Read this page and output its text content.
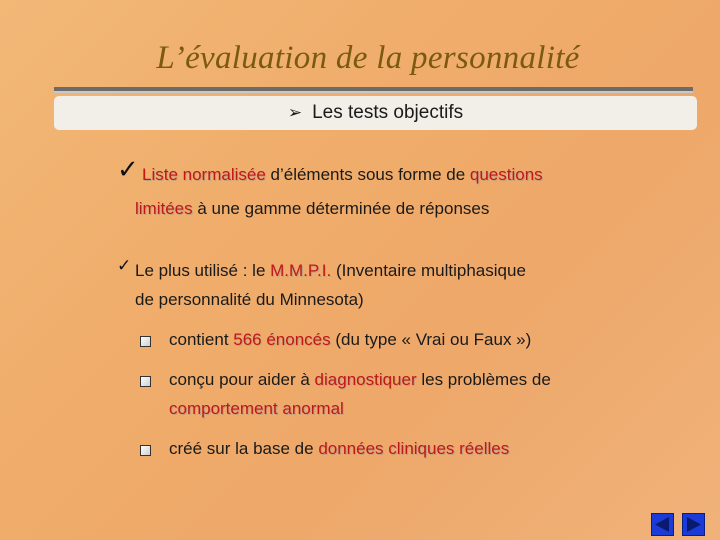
L’évaluation de la personnalité
➢ Les tests objectifs
✓ Liste normalisée d’éléments sous forme de questions
limitées à une gamme déterminée de réponses
✓ Le plus utilisé : le M.M.P.I. (Inventaire multiphasique
de personnalité du Minnesota)
contient 566 énoncés (du type « Vrai ou Faux »)
conçu pour aider à diagnostiquer les problèmes de
comportement anormal
créé sur la base de données cliniques réelles
